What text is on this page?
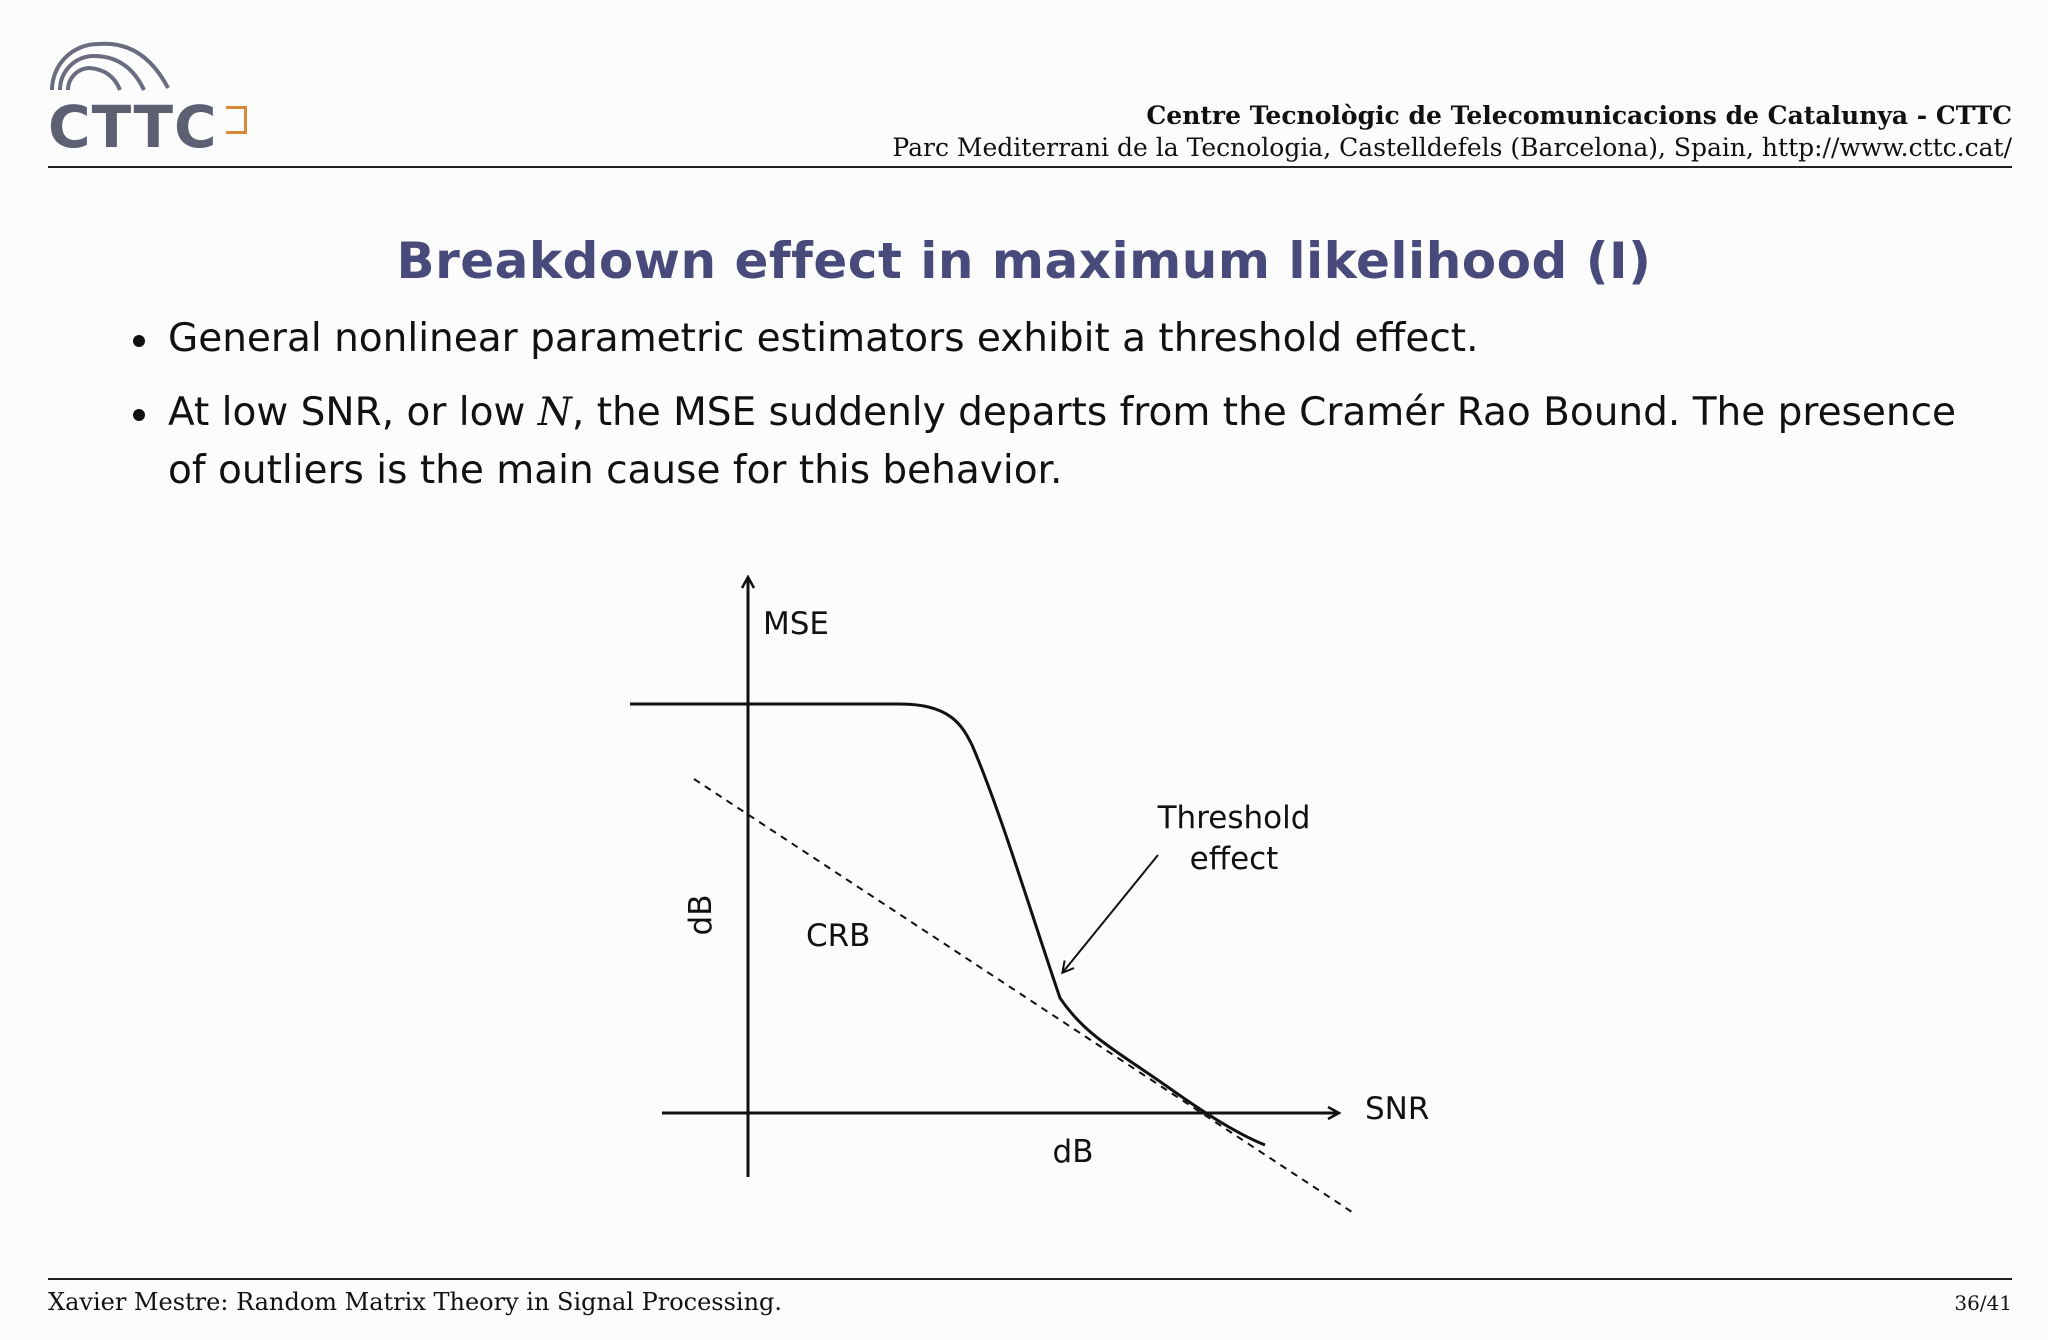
CTTC	Centre Tecnològic de Telecomunicacions de Catalunya - CTTC
Parc Mediterrani de la Tecnologia, Castelldefels (Barcelona), Spain, http://www.cttc.cat/
Breakdown effect in maximum likelihood (I)
General nonlinear parametric estimators exhibit a threshold effect.
At low SNR, or low N, the MSE suddenly departs from the Cramér Rao Bound. The presence of outliers is the main cause for this behavior.
MSE
dB
CRB
Threshold
effect
SNR
dB
Xavier Mestre: Random Matrix Theory in Signal Processing.	36/41
